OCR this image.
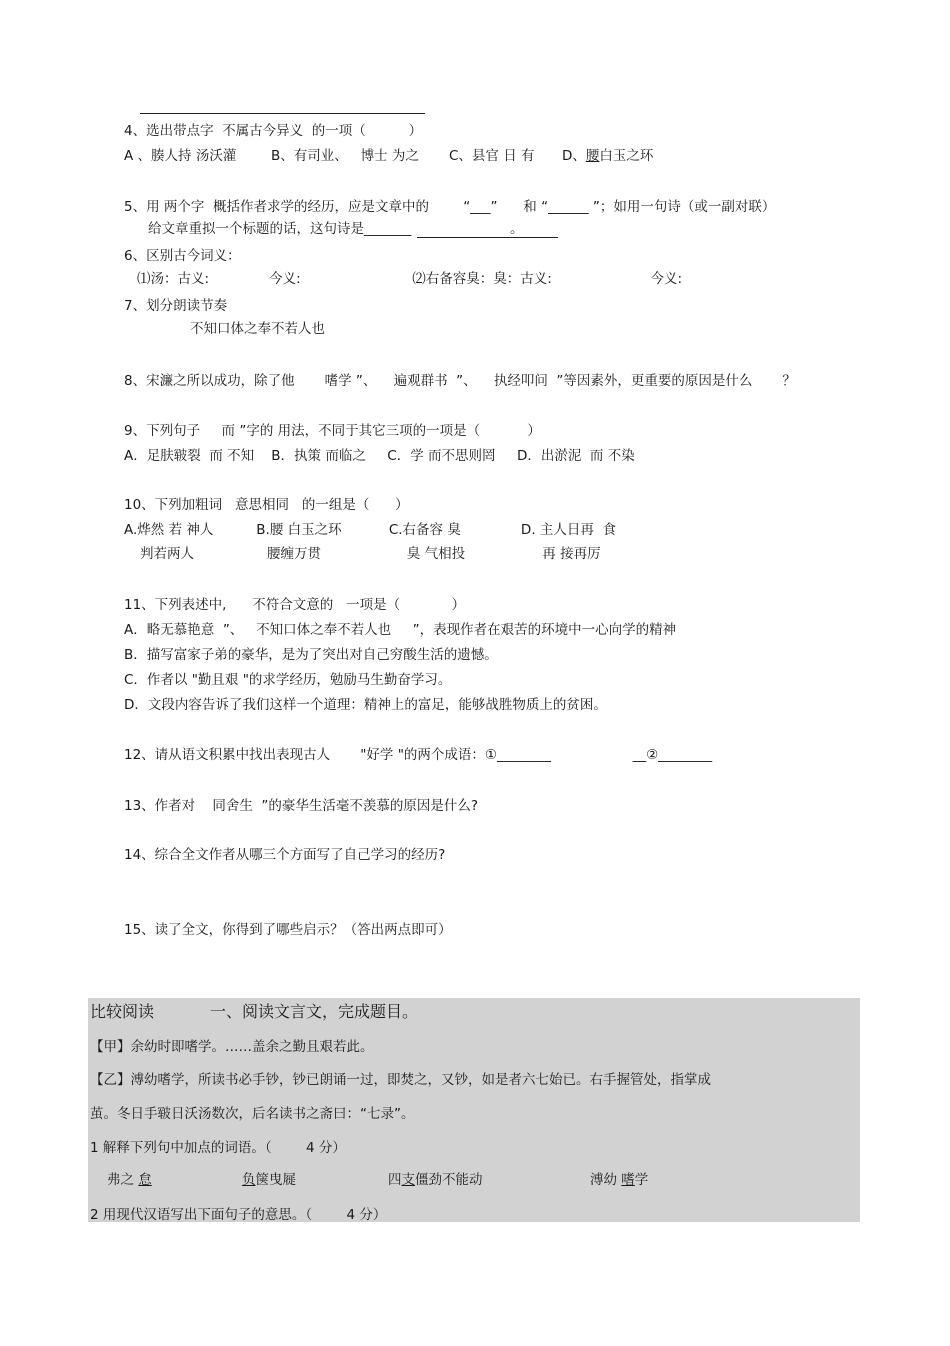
4、选出带点字  不属古今异义  的一项（          ）
A 、腠人持 汤沃灌	B、有司业、   博士 为之 C、县官 日 有 D、腰白玉之环
5、用 两个字  概括作者求学的经历，应是文章中的        “___”      和 “______ ”；如用一句诗（或一副对联）
给文章重拟一个标题的话，这句诗是_______                       。
6、区别古今词义：
⑴汤：古义:              今义:                          ⑵右备容臭：臭：古义:                       今义:
7、划分朗读节奏
不知口体之奉不若人也
8、宋濂之所以成功，除了他       嗜学 ”、    遍观群书  ”、    执经叩问  ”等因素外，更重要的原因是什么       ？
9、下列句子     而 ”字的 用法，不同于其它三项的一项是（           ）
A．足肤皲裂  而 不知    B．执策 而临之     C．学 而不思则罔     D．出淤泥  而 不染
10、下列加粗词   意思相同   的一组是（      ）
A.烨然 若 神人          B.腰 白玉之环           C.右备容 臭              D. 主人日再  食
判若两人                 腰缠万贯                    臭 气相投                  再 接再厉
11、下列表述中,      不符合文意的   一项是（            ）
A．略无慕艳意  ”、   不知口体之奉不若人也     ”，表现作者在艰苦的环境中一心向学的精神
B．描写富家子弟的豪华，是为了突出对自己穷酸生活的遗憾。
C．作者以 "勤且艰 "的求学经历，勉励马生勤奋学习。
D．文段内容告诉了我们这样一个道理：精神上的富足，能够战胜物质上的贫困。
12、请从语文积累中找出表现古人       "好学 "的两个成语：①________                   __②________
13、作者对    同舍生  ”的豪华生活毫不羡慕的原因是什么?
14、综合全文作者从哪三个方面写了自己学习的经历?
15、读了全文，你得到了哪些启示？（答出两点即可）
比较阅读           一、阅读文言文，完成题目。
【甲】余幼时即嗜学。……盖余之勤且艰若此。
【乙】溥幼嗜学，所读书必手钞，钞已朗诵一过，即焚之，又钞，如是者六七始已。右手握管处，指掌成
茧。冬日手皲日沃汤数次，后名读书之斋曰：“七录”。
1 解释下列句中加点的词语。（        4 分）
弗之 怠	负箧曳屣	四支僵劲不能动	溥幼 嗜学
2 用现代汉语写出下面句子的意思。（        4 分）
